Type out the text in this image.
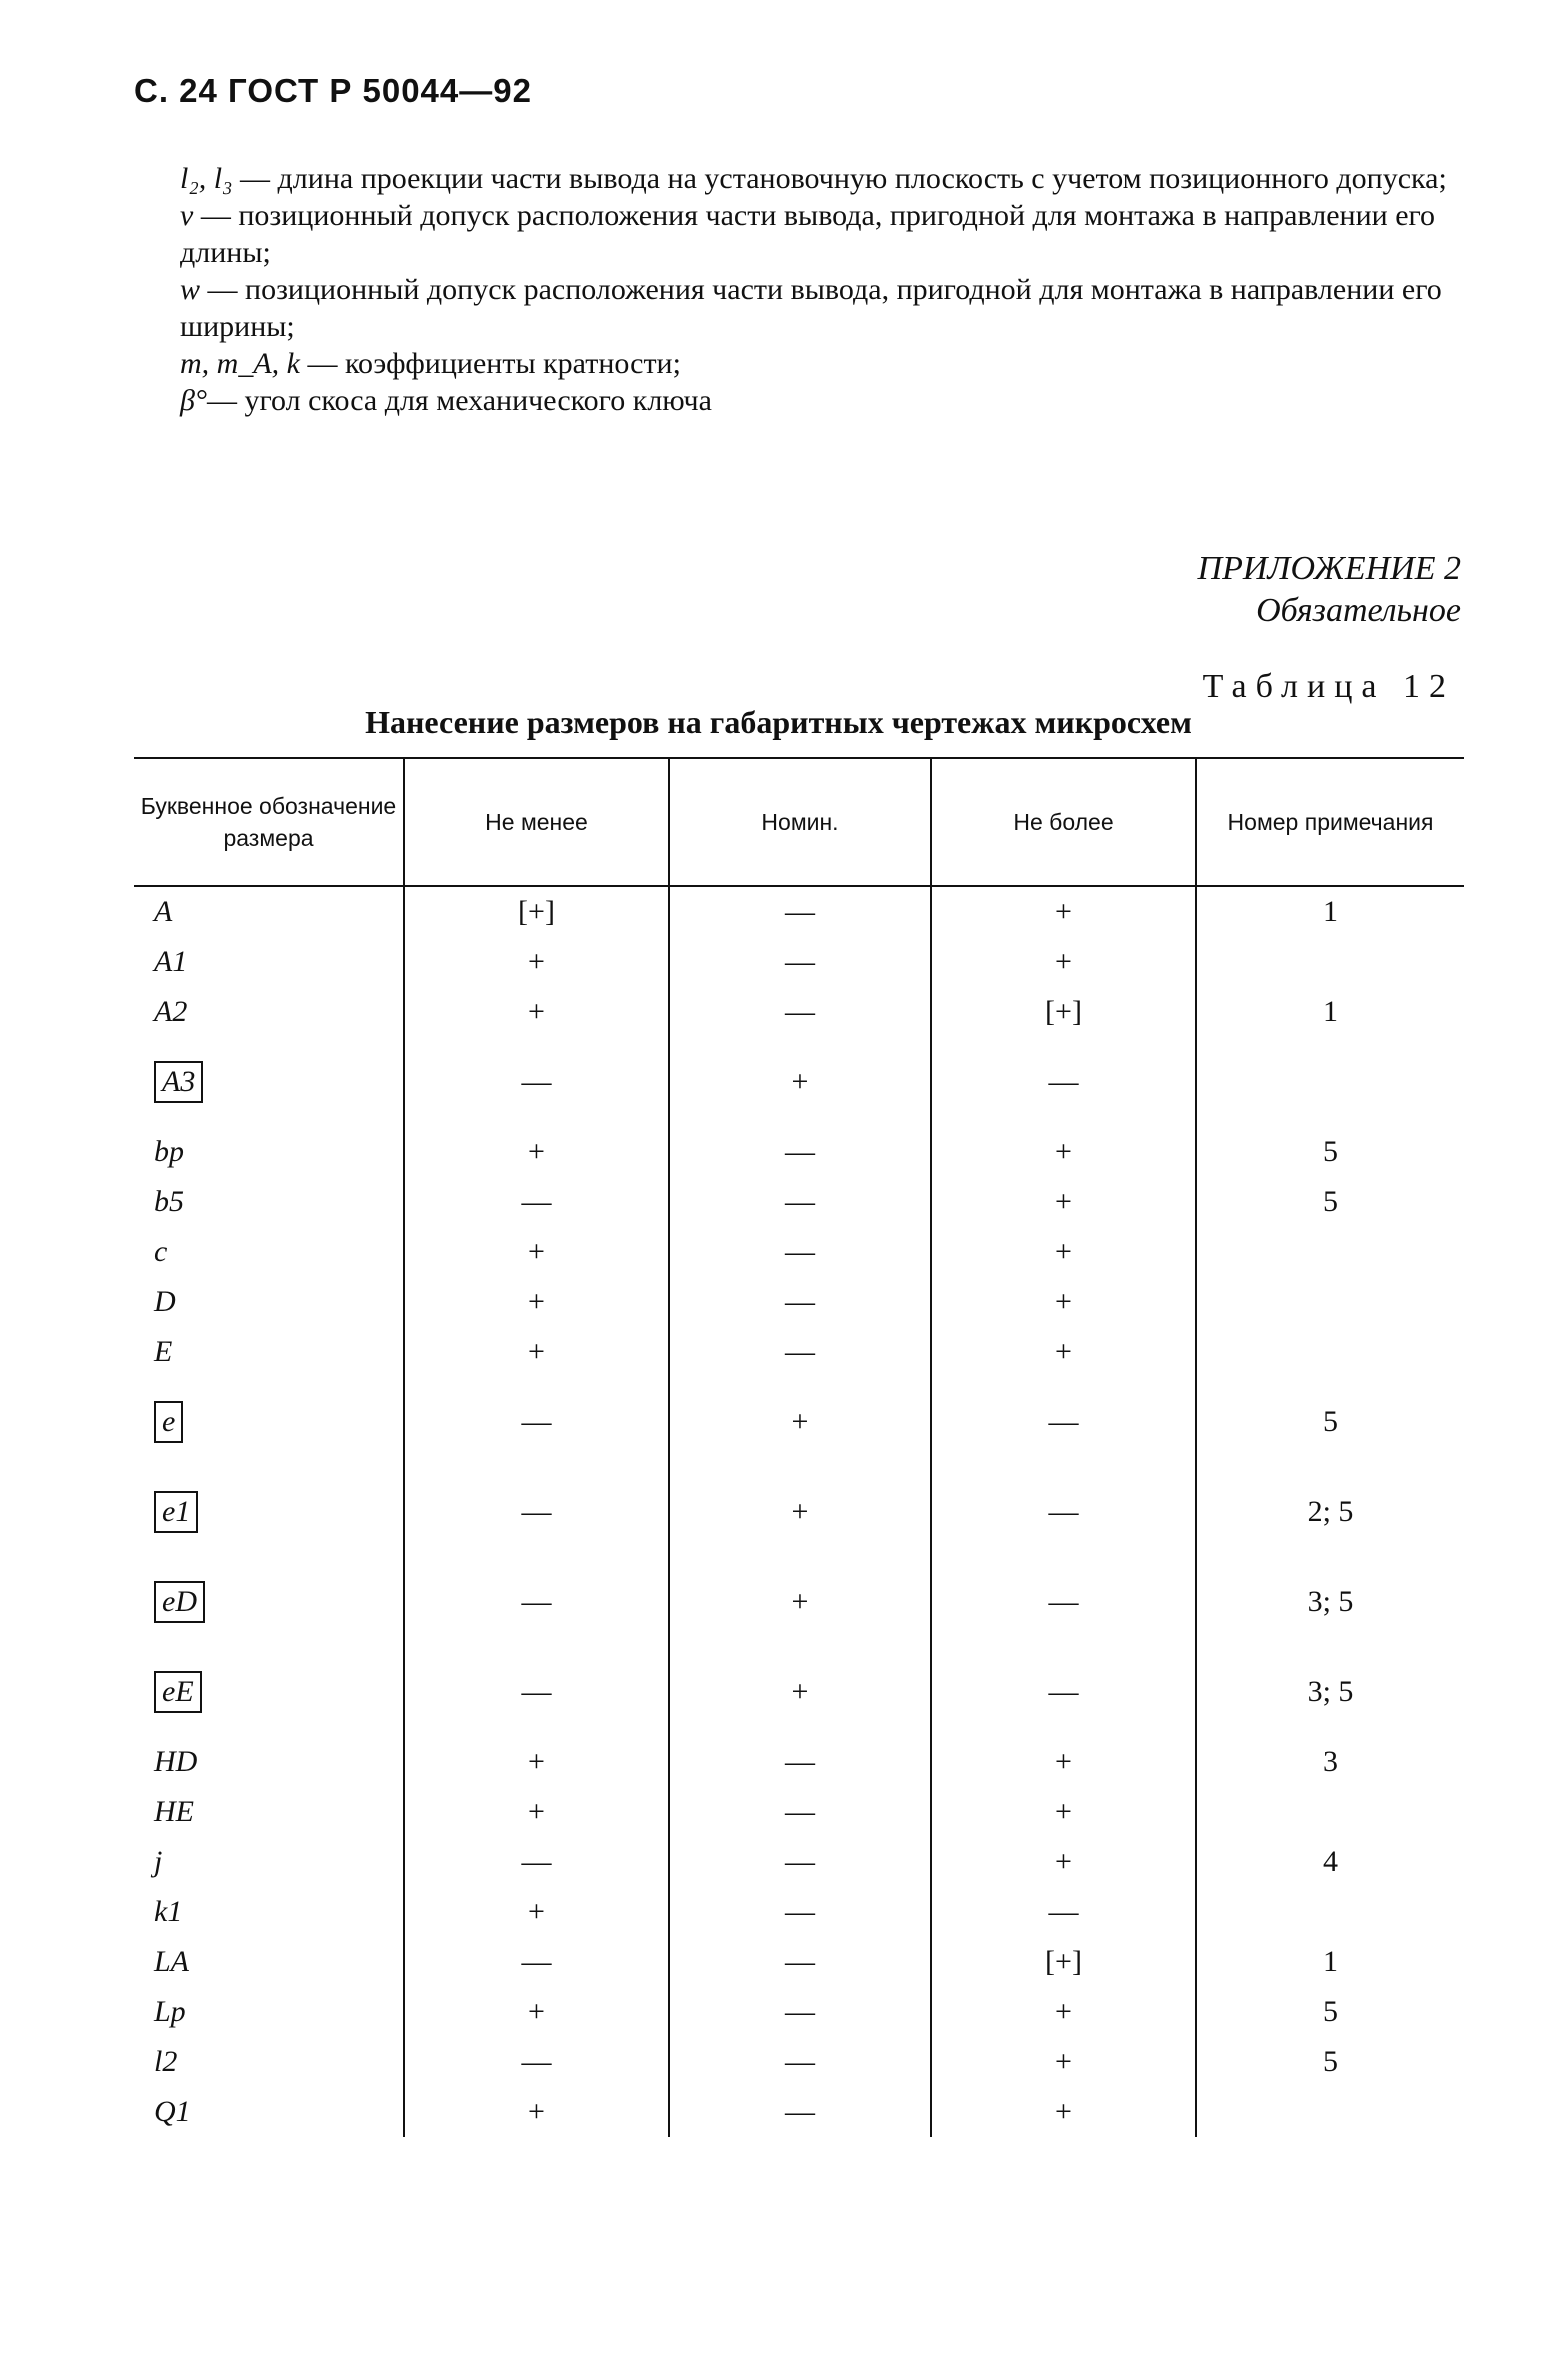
С. 24 ГОСТ Р 50044—92

l₂, l₃ — длина проекции части вывода на установочную плоскость с учетом позиционного допуска;

v — позиционный допуск расположения части вывода, пригодной для монтажа в направлении его длины;

w — позиционный допуск расположения части вывода, пригодной для монтажа в направлении его ширины;

m, m_A, k — коэффициенты кратности;

β°— угол скоса для механического ключа

ПРИЛОЖЕНИЕ 2
Обязательное
Таблица 12
Нанесение размеров на габаритных чертежах микросхем
Буквенное обозначение размера	Не менее	Номин.	Не более	Номер примечания
A	[+]	—	+	1
A1	+	—	+	
A2	+	—	[+]	1
A3	—	+	—	
bp	+	—	+	5
b5	—	—	+	5
c	+	—	+	
D	+	—	+	
E	+	—	+	
e	—	+	—	5
e1	—	+	—	2; 5
eD	—	+	—	3; 5
eE	—	+	—	3; 5
HD	+	—	+	3
HE	+	—	+	
j	—	—	+	4
k1	+	—	—	
LA	—	—	[+]	1
Lp	+	—	+	5
l2	—	—	+	5
Q1	+	—	+	
